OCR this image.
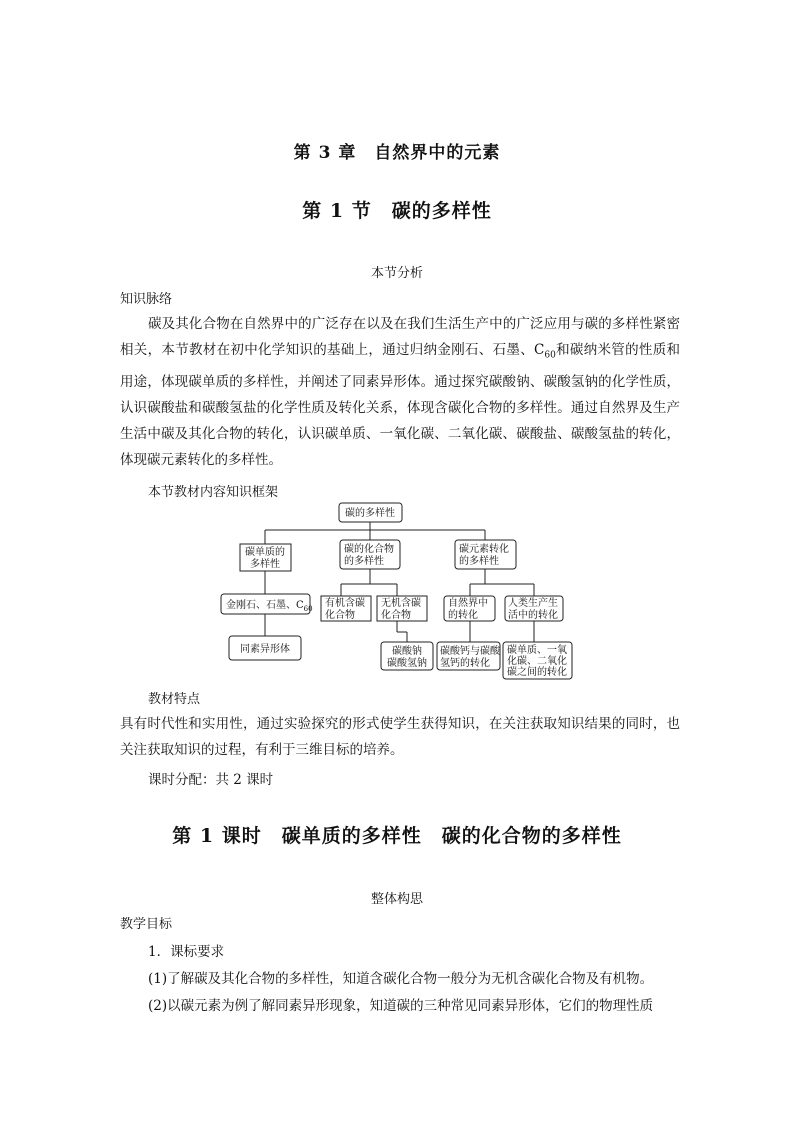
第 3 章　自然界中的元素
第 1 节　碳的多样性
本节分析
知识脉络

碳及其化合物在自然界中的广泛存在以及在我们生活生产中的广泛应用与碳的多样性紧密相关，本节教材在初中化学知识的基础上，通过归纳金刚石、石墨、$C_{60}$和碳纳米管的性质和用途，体现碳单质的多样性，并阐述了同素异形体。通过探究碳酸钠、碳酸氢钠的化学性质，认识碳酸盐和碳酸氢盐的化学性质及转化关系，体现含碳化合物的多样性。通过自然界及生产生活中碳及其化合物的转化，认识碳单质、一氧化碳、二氧化碳、碳酸盐、碳酸氢盐的转化，体现碳元素转化的多样性。

本节教材内容知识框架
碳的多样性
碳单质的
多样性
碳的化合物
的多样性
碳元素转化
的多样性
金刚石、石墨、$C_{60}$
同素异形体
有机含碳
化合物
无机含碳
化合物
碳酸钠
碳酸氢钠
自然界中
的转化
人类生产生
活中的转化
碳酸钙与碳酸
氢钙的转化
碳单质、一氧
化碳、二氧化
碳之间的转化
教材特点
具有时代性和实用性，通过实验探究的形式使学生获得知识，在关注获取知识结果的同时，也关注获取知识的过程，有利于三维目标的培养。
课时分配：共 2 课时
第 1 课时　碳单质的多样性　碳的化合物的多样性
整体构思
教学目标
1．课标要求
(1)了解碳及其化合物的多样性，知道含碳化合物一般分为无机含碳化合物及有机物。
(2)以碳元素为例了解同素异形现象，知道碳的三种常见同素异形体，它们的物理性质
